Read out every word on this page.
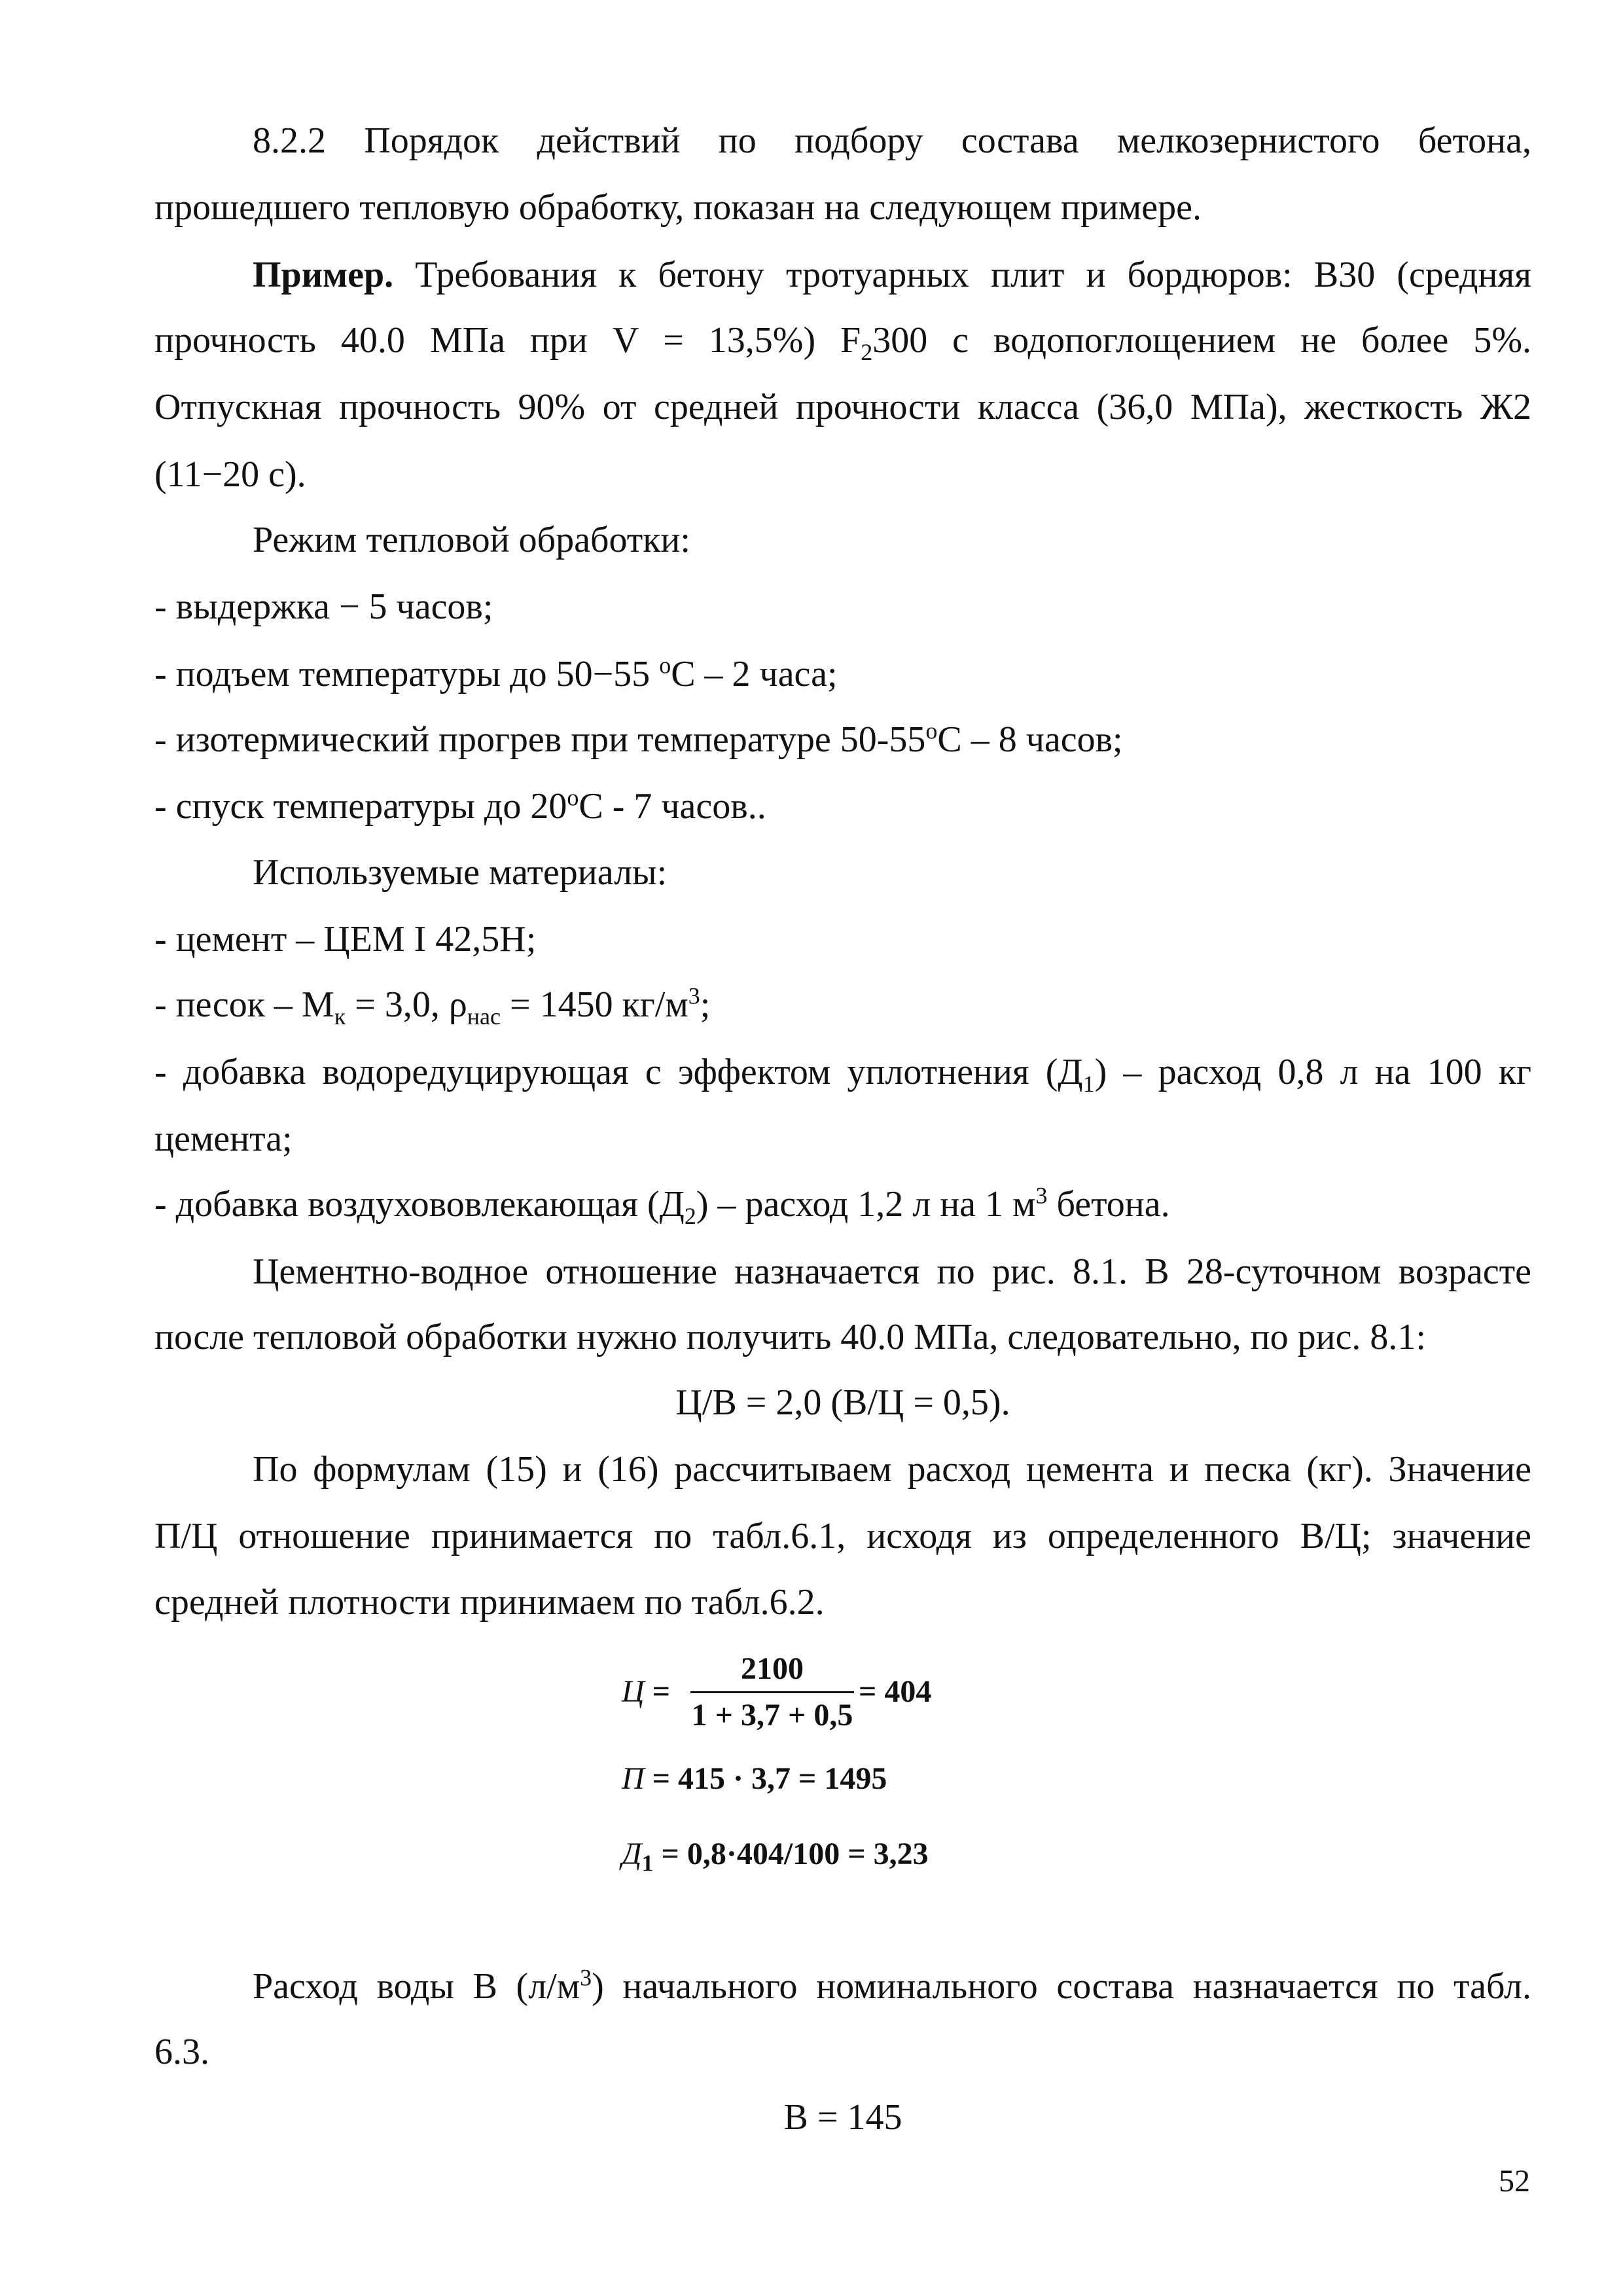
8.2.2 Порядок действий по подбору состава мелкозернистого бетона,
прошедшего тепловую обработку, показан на следующем примере.
Пример. Требования к бетону тротуарных плит и бордюров: В30 (средняя
прочность 40.0 МПа при V = 13,5%) $F_2300$ с водопоглощением не более 5%.
Отпускная прочность 90% от средней прочности класса (36,0 МПа), жесткость Ж2
(11−20 с).
Режим тепловой обработки:
- выдержка − 5 часов;
- подъем температуры до 50−55 $^о$С – 2 часа;
- изотермический прогрев при температуре $50-55^оС - 8$ часов;
- спуск температуры до $20^оС - 7$ часов..
Используемые материалы:
- цемент – ЦЕМ I 42,5Н;
- песок – $М_к = 3,0$, $\rho_{нас} = 1450$ $кг/м^3$;
- добавка водоредуцирующая с эффектом уплотнения $(Д_1)$ – расход 0,8 л на 100 кг
цемента;
- добавка воздухововлекающая $(Д_2)$ – расход 1,2 л на 1 $м^3$ бетона.
Цементно-водное отношение назначается по рис. 8.1. В 28-суточном возрасте
после тепловой обработки нужно получить 40.0 МПа, следовательно, по рис. 8.1:
Ц/В = 2,0 (В/Ц = 0,5).
По формулам (15) и (16) рассчитываем расход цемента и песка (кг). Значение
П/Ц отношение принимается по табл.6.1, исходя из определенного В/Ц; значение
средней плотности принимаем по табл.6.2.
$Ц = \frac{2100}{1 + 3,7 + 0,5} = 404$
П = 415 · 3,7 = 1495
$Д_1 = 0,8\cdot 404/100 = 3,23$
Расход воды В $(л/м^3)$ начального номинального состава назначается по табл.
6.3.
В = 145
52
